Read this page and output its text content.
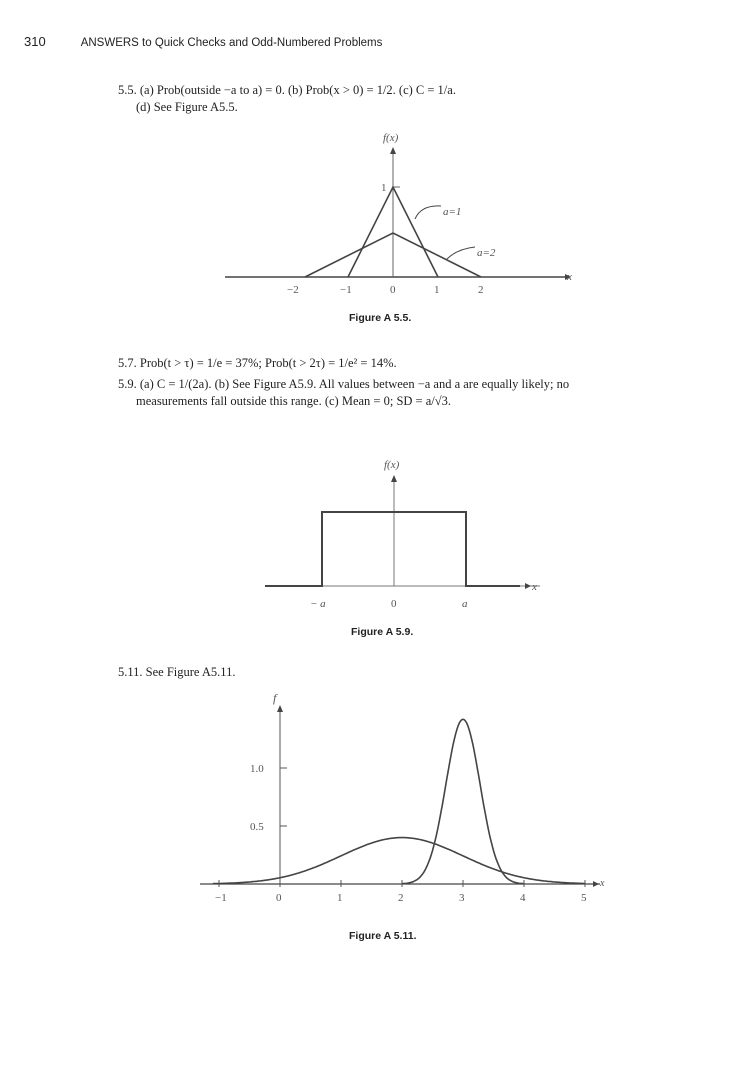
310	ANSWERS to Quick Checks and Odd-Numbered Problems

5.5. (a) Prob(outside −a to a) = 0. (b) Prob(x > 0) = 1/2. (c) C = 1/a.

(d) See Figure A5.5.

x
f(x)
1
−2	−1	0	1	2
a=1
a=2
Figure A 5.5.

5.7. Prob(t > τ) = 1/e = 37%; Prob(t > 2τ) = 1/e² = 14%.

5.9. (a) C = 1/(2a). (b) See Figure A5.9. All values between −a and a are equally likely; no measurements fall outside this range. (c) Mean = 0; SD = a/√3.

x
f(x)
− a	0	a
Figure A 5.9.

5.11. See Figure A5.11.

x
f
−1	0	1	2	3	4	5
0.5
1.0
Figure A 5.11.
